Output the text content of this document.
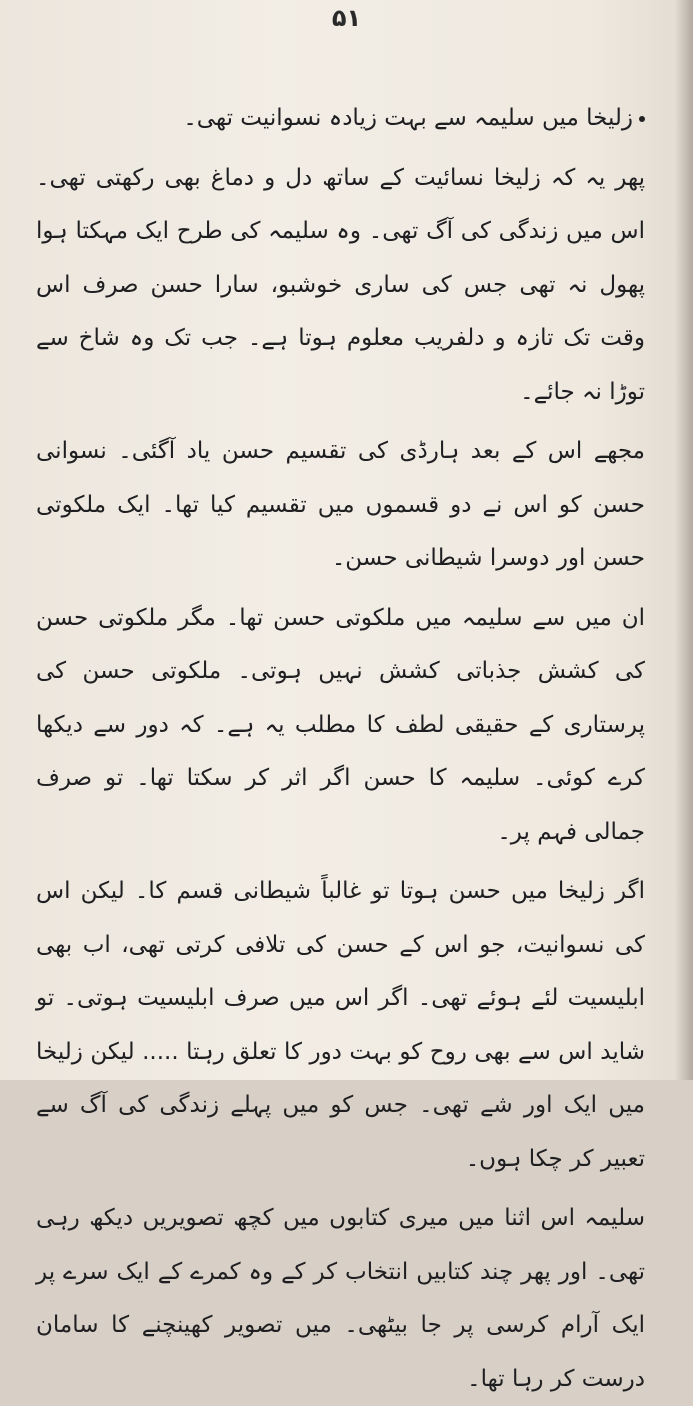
۵۱

زلیخا میں سلیمہ سے بہت زیادہ نسوانیت تھی۔

پھر یہ کہ زلیخا نسائیت کے ساتھ دل و دماغ بھی رکھتی تھی۔ اس میں زندگی کی آگ تھی۔ وہ سلیمہ کی طرح ایک مہکتا ہوا پھول نہ تھی جس کی ساری خوشبو، سارا حسن صرف اس وقت تک تازہ و دلفریب معلوم ہوتا ہے۔ جب تک وہ شاخ سے توڑا نہ جائے۔

مجھے اس کے بعد ہارڈی کی تقسیم حسن یاد آگئی۔ نسوانی حسن کو اس نے دو قسموں میں تقسیم کیا تھا۔ ایک ملکوتی حسن اور دوسرا شیطانی حسن۔

ان میں سے سلیمہ میں ملکوتی حسن تھا۔ مگر ملکوتی حسن کی کشش جذباتی کشش نہیں ہوتی۔ ملکوتی حسن کی پرستاری کے حقیقی لطف کا مطلب یہ ہے۔ کہ دور سے دیکھا کرے کوئی۔ سلیمہ کا حسن اگر اثر کر سکتا تھا۔ تو صرف جمالی فہم پر۔

اگر زلیخا میں حسن ہوتا تو غالباً شیطانی قسم کا۔ لیکن اس کی نسوانیت، جو اس کے حسن کی تلافی کرتی تھی، اب بھی ابلیسیت لئے ہوئے تھی۔ اگر اس میں صرف ابلیسیت ہوتی۔ تو شاید اس سے بھی روح کو بہت دور کا تعلق رہتا ..... لیکن زلیخا میں ایک اور شے تھی۔ جس کو میں پہلے زندگی کی آگ سے تعبیر کر چکا ہوں۔

سلیمہ اس اثنا میں میری کتابوں میں کچھ تصویریں دیکھ رہی تھی۔ اور پھر چند کتابیں انتخاب کر کے وہ کمرے کے ایک سرے پر ایک آرام کرسی پر جا بیٹھی۔ میں تصویر کھینچنے کا سامان درست کر رہا تھا۔
